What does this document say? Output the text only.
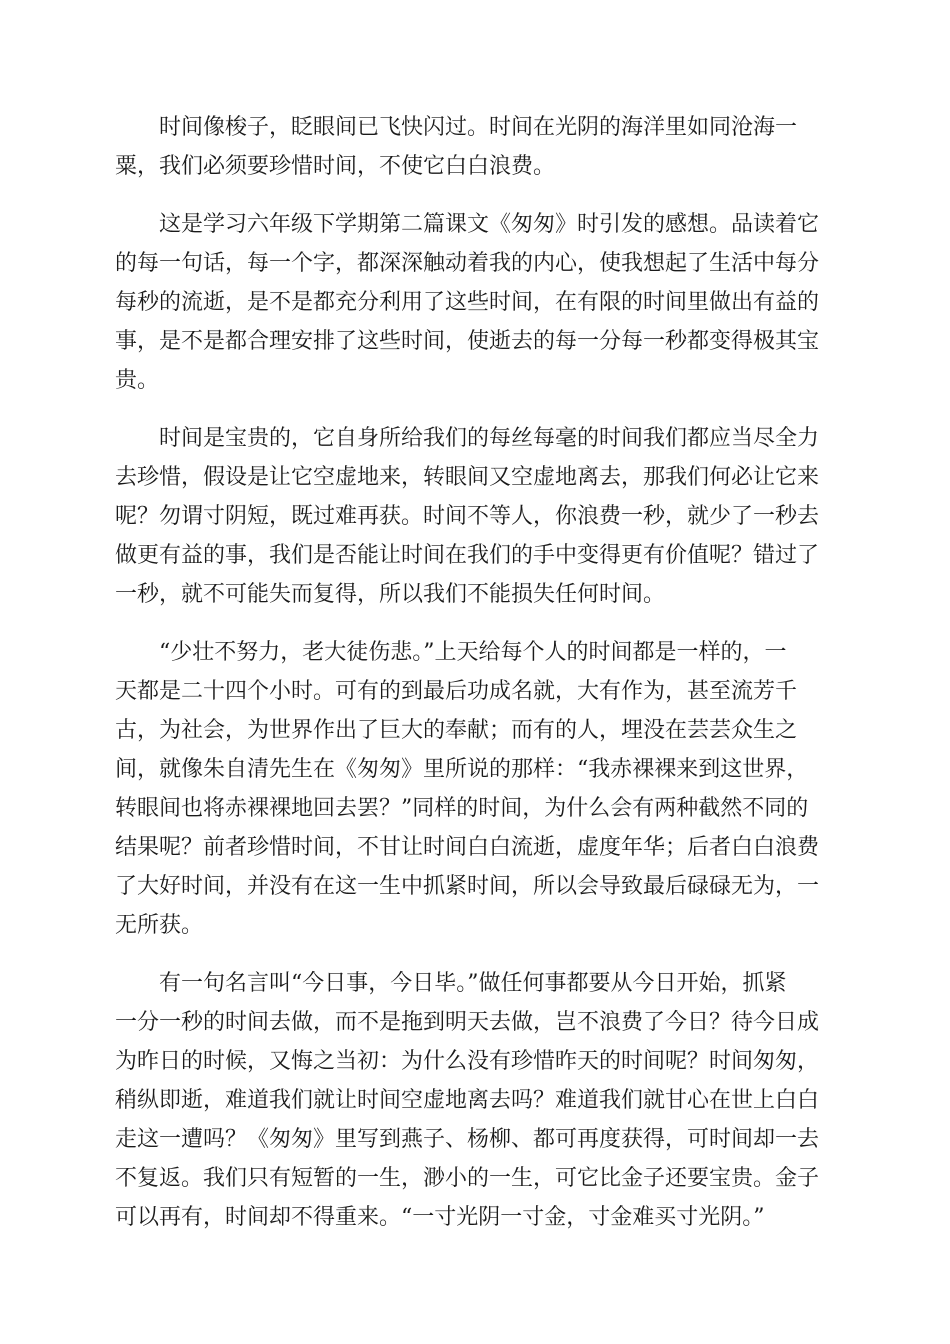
时间像梭子，眨眼间已飞快闪过。时间在光阴的海洋里如同沧海一
粟，我们必须要珍惜时间，不使它白白浪费。

这是学习六年级下学期第二篇课文《匆匆》时引发的感想。品读着它
的每一句话，每一个字，都深深触动着我的内心，使我想起了生活中每分
每秒的流逝，是不是都充分利用了这些时间，在有限的时间里做出有益的
事，是不是都合理安排了这些时间，使逝去的每一分每一秒都变得极其宝
贵。

时间是宝贵的，它自身所给我们的每丝每毫的时间我们都应当尽全力
去珍惜，假设是让它空虚地来，转眼间又空虚地离去，那我们何必让它来
呢？勿谓寸阴短，既过难再获。时间不等人，你浪费一秒，就少了一秒去
做更有益的事，我们是否能让时间在我们的手中变得更有价值呢？错过了
一秒，就不可能失而复得，所以我们不能损失任何时间。

“少壮不努力，老大徒伤悲。”上天给每个人的时间都是一样的，一
天都是二十四个小时。可有的到最后功成名就，大有作为，甚至流芳千
古，为社会，为世界作出了巨大的奉献；而有的人，埋没在芸芸众生之
间，就像朱自清先生在《匆匆》里所说的那样：“我赤裸裸来到这世界，
转眼间也将赤裸裸地回去罢？”同样的时间，为什么会有两种截然不同的
结果呢？前者珍惜时间，不甘让时间白白流逝，虚度年华；后者白白浪费
了大好时间，并没有在这一生中抓紧时间，所以会导致最后碌碌无为，一
无所获。

有一句名言叫“今日事，今日毕。”做任何事都要从今日开始，抓紧
一分一秒的时间去做，而不是拖到明天去做，岂不浪费了今日？待今日成
为昨日的时候，又悔之当初：为什么没有珍惜昨天的时间呢？时间匆匆，
稍纵即逝，难道我们就让时间空虚地离去吗？难道我们就甘心在世上白白
走这一遭吗？《匆匆》里写到燕子、杨柳、都可再度获得，可时间却一去
不复返。我们只有短暂的一生，渺小的一生，可它比金子还要宝贵。金子
可以再有，时间却不得重来。“一寸光阴一寸金，寸金难买寸光阴。”
